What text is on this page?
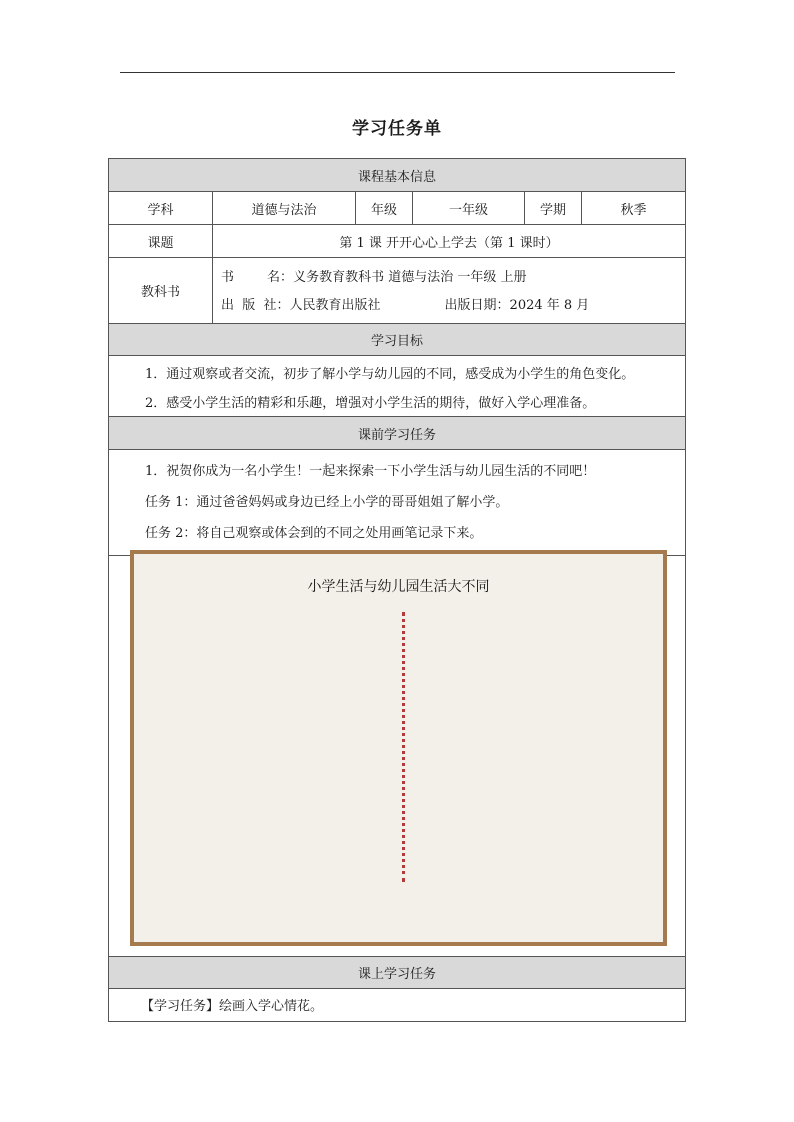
学习任务单
课程基本信息
学科	道德与法治	年级	一年级	学期	秋季
课题	第 1 课 开开心心上学去（第 1 课时）
教科书
书        名：义务教育教科书 道德与法治 一年级 上册
出  版  社：人民教育出版社	出版日期：2024 年 8 月
学习目标
1．通过观察或者交流，初步了解小学与幼儿园的不同，感受成为小学生的角色变化。
2．感受小学生活的精彩和乐趣，增强对小学生活的期待，做好入学心理准备。
课前学习任务
1．祝贺你成为一名小学生！一起来探索一下小学生活与幼儿园生活的不同吧！
任务 1：通过爸爸妈妈或身边已经上小学的哥哥姐姐了解小学。
任务 2：将自己观察或体会到的不同之处用画笔记录下来。
小学生活与幼儿园生活大不同
课上学习任务
【学习任务】绘画入学心情花。
